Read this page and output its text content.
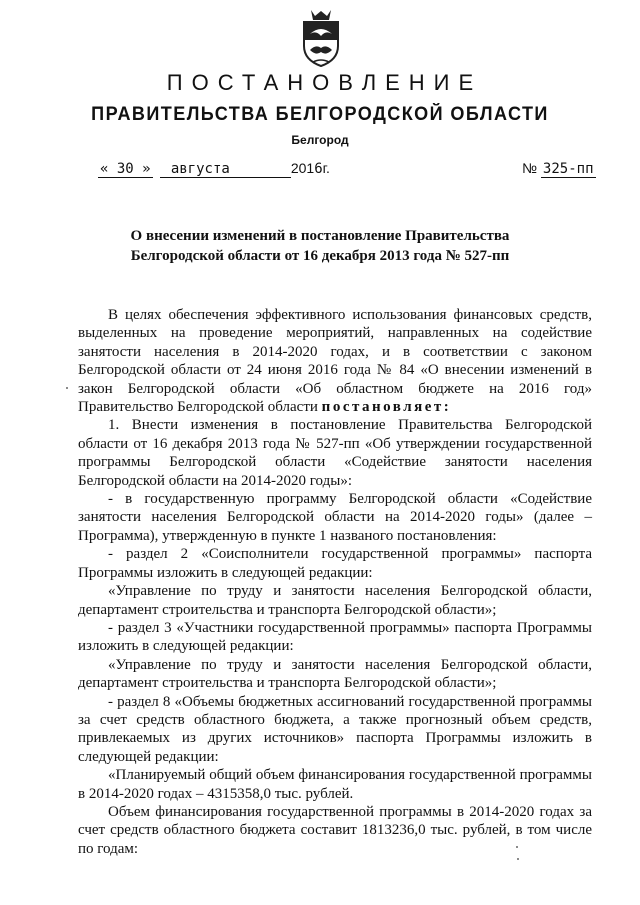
ПОСТАНОВЛЕНИЕ
ПРАВИТЕЛЬСТВА БЕЛГОРОДСКОЙ ОБЛАСТИ
Белгород
« 30 » августа	2016г.	№ 325-пп
О внесении изменений в постановление Правительства
Белгородской области от 16 декабря 2013 года № 527-пп

В целях обеспечения эффективного использования финансовых средств, выделенных на проведение мероприятий, направленных на содействие занятости населения в 2014-2020 годах, и в соответствии с законом Белгородской области от 24 июня 2016 года № 84 «О внесении изменений в закон Белгородской области «Об областном бюджете на 2016 год» Правительство Белгородской области постановляет:

1. Внести изменения в постановление Правительства Белгородской области от 16 декабря 2013 года № 527-пп «Об утверждении государственной программы Белгородской области «Содействие занятости населения Белгородской области на 2014-2020 годы»:

- в государственную программу Белгородской области «Содействие занятости населения Белгородской области на 2014-2020 годы» (далее – Программа), утвержденную в пункте 1 названого постановления:

- раздел 2 «Соисполнители государственной программы» паспорта Программы изложить в следующей редакции:

«Управление по труду и занятости населения Белгородской области, департамент строительства и транспорта Белгородской области»;

- раздел 3 «Участники государственной программы» паспорта Программы изложить в следующей редакции:

«Управление по труду и занятости населения Белгородской области, департамент строительства и транспорта Белгородской области»;

- раздел 8 «Объемы бюджетных ассигнований государственной программы за счет средств областного бюджета, а также прогнозный объем средств, привлекаемых из других источников» паспорта Программы изложить в следующей редакции:

«Планируемый общий объем финансирования государственной программы в 2014-2020 годах – 4315358,0 тыс. рублей.

Объем финансирования государственной программы в 2014-2020 годах за счет средств областного бюджета составит 1813236,0 тыс. рублей, в том числе по годам:
